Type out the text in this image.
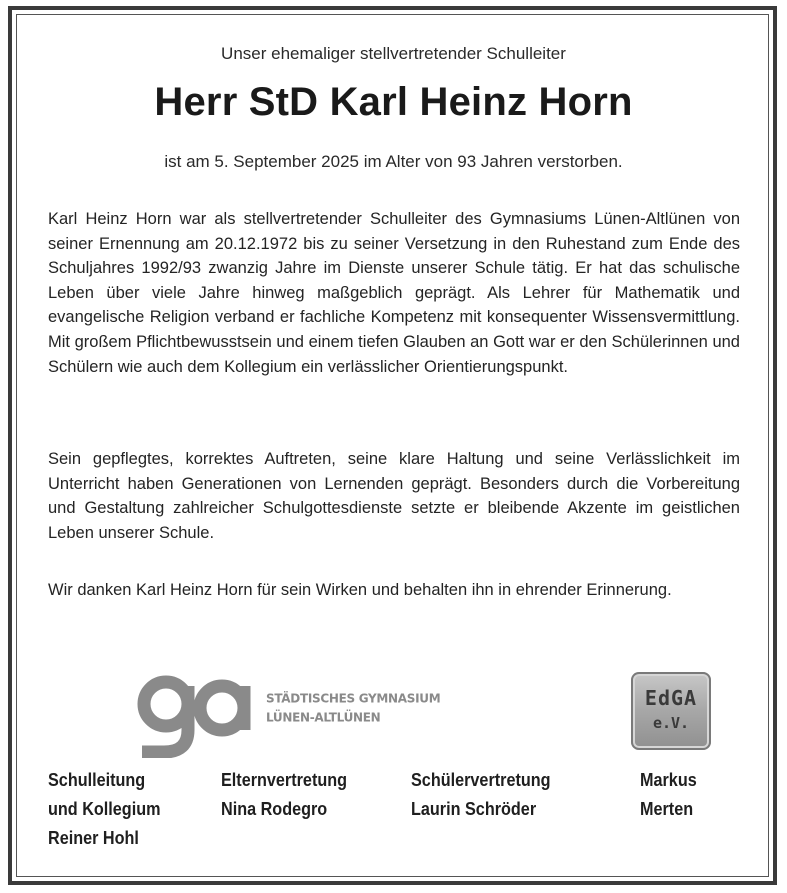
Unser ehemaliger stellvertretender Schulleiter
Herr StD Karl Heinz Horn
ist am 5. September 2025 im Alter von 93 Jahren verstorben.

Karl Heinz Horn war als stellvertretender Schulleiter des Gymnasiums Lünen-Altlünen von seiner Ernennung am 20.12.1972 bis zu seiner Versetzung in den Ruhestand zum Ende des Schuljahres 1992/93 zwanzig Jahre im Dienste unserer Schule tätig. Er hat das schulische Leben über viele Jahre hinweg maßgeblich geprägt. Als Lehrer für Mathematik und evangelische Religion verband er fachliche Kompetenz mit konsequenter Wissensvermittlung. Mit großem Pflichtbewusstsein und einem tiefen Glauben an Gott war er den Schülerinnen und Schülern wie auch dem Kollegium ein verlässlicher Orientierungspunkt.

Sein gepflegtes, korrektes Auftreten, seine klare Haltung und seine Verlässlichkeit im Unterricht haben Generationen von Lernenden geprägt. Besonders durch die Vorbereitung und Gestaltung zahlreicher Schulgottesdienste setzte er bleibende Akzente im geistlichen Leben unserer Schule.

Wir danken Karl Heinz Horn für sein Wirken und behalten ihn in ehrender Erinnerung.

STÄDTISCHES GYMNASIUM
LÜNEN-ALTLÜNEN
EdGA
e.V.
Schulleitung
und Kollegium
Reiner Hohl
Elternvertretung
Nina Rodegro
Schülervertretung
Laurin Schröder
Markus
Merten
